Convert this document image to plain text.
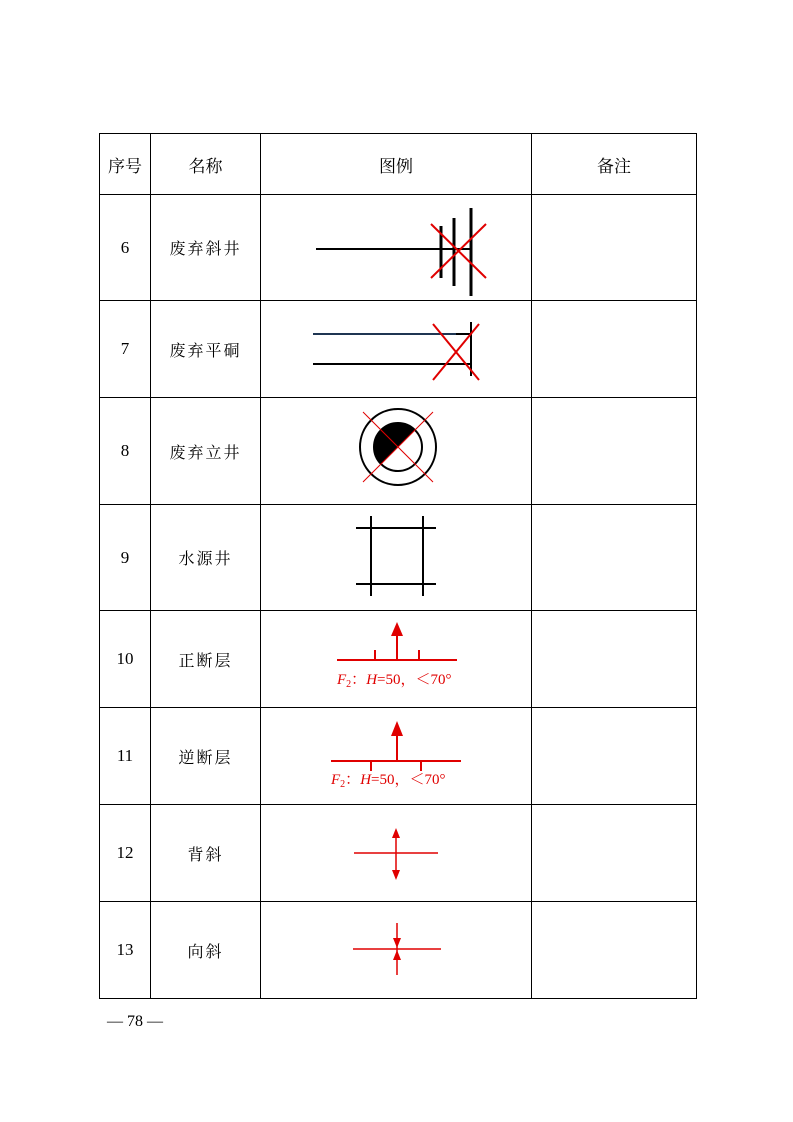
序号	名称	图例	备注
6	废弃斜井	

7	废弃平硐	

8	废弃立井	

9	水源井	

10	正断层	$F_2$：H=50，＜70°	

11	逆断层	$F_2$：H=50，＜70°	

12	背斜	

13	向斜	

— 78 —
